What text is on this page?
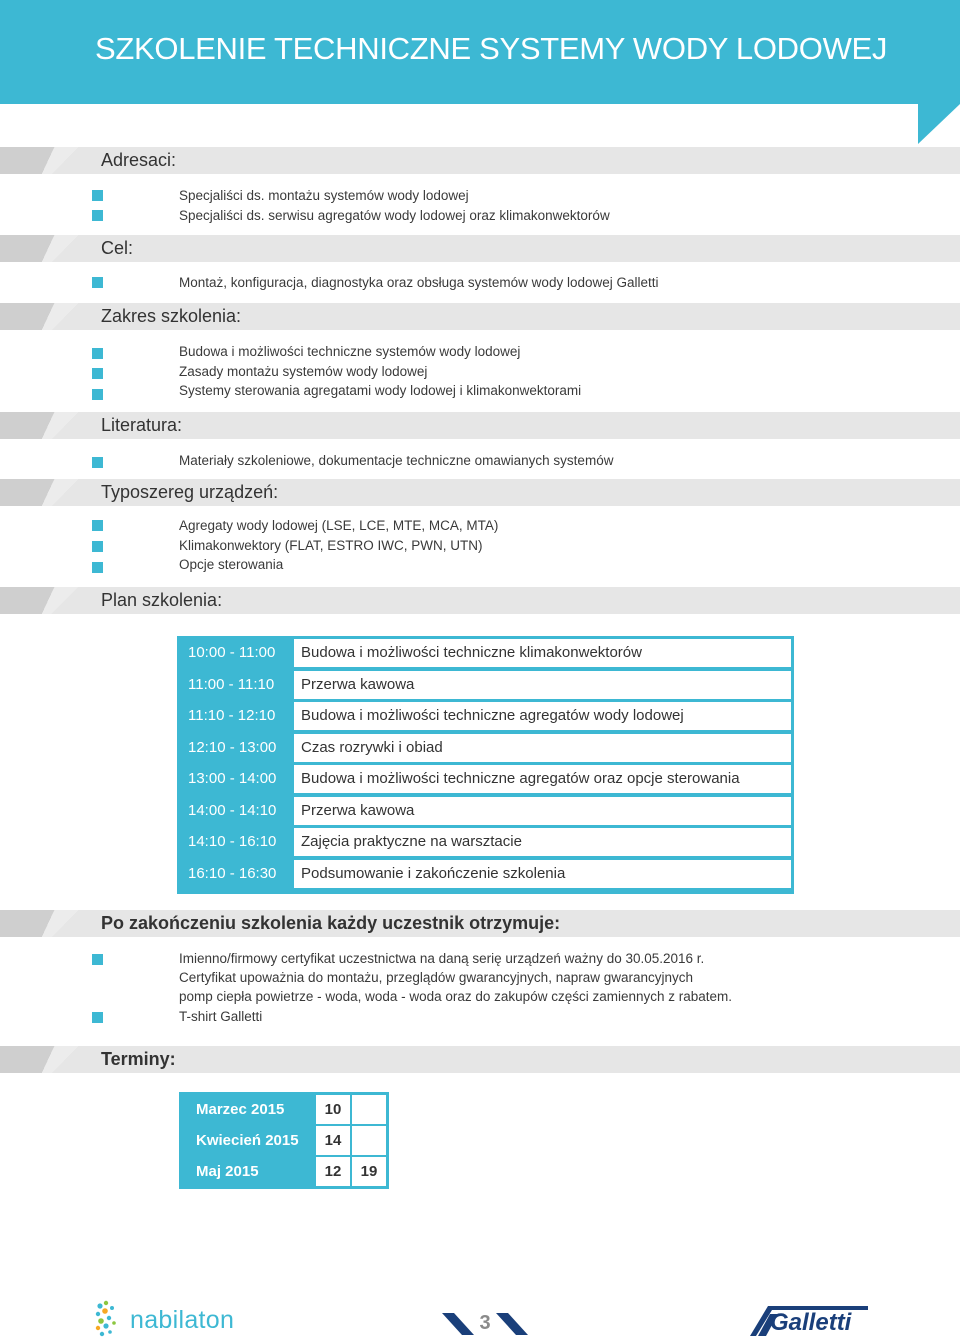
SZKOLENIE TECHNICZNE SYSTEMY WODY LODOWEJ
Adresaci:
Specjaliści ds. montażu systemów wody lodowej
Specjaliści ds. serwisu agregatów wody lodowej oraz klimakonwektorów
Cel:
Montaż, konfiguracja, diagnostyka oraz obsługa systemów wody lodowej Galletti
Zakres szkolenia:
Budowa i możliwości techniczne systemów wody lodowej
Zasady montażu systemów wody lodowej
Systemy sterowania agregatami wody lodowej i klimakonwektorami
Literatura:
Materiały szkoleniowe, dokumentacje techniczne omawianych systemów
Typoszereg urządzeń:
Agregaty wody lodowej (LSE, LCE, MTE, MCA, MTA)
Klimakonwektory (FLAT, ESTRO IWC, PWN, UTN)
Opcje sterowania
Plan szkolenia:
10:00 - 11:00	Budowa i możliwości techniczne klimakonwektorów
11:00 - 11:10	Przerwa kawowa
11:10 - 12:10	Budowa i możliwości techniczne agregatów wody lodowej
12:10 - 13:00	Czas rozrywki i obiad
13:00 - 14:00	Budowa i możliwości techniczne agregatów oraz opcje sterowania
14:00 - 14:10	Przerwa kawowa
14:10 - 16:10	Zajęcia praktyczne na warsztacie
16:10 - 16:30	Podsumowanie i zakończenie szkolenia
Po zakończeniu szkolenia każdy uczestnik otrzymuje:
Imienno/firmowy certyfikat uczestnictwa na daną serię urządzeń ważny do 30.05.2016 r.
Certyfikat upoważnia do montażu, przeglądów gwarancyjnych, napraw gwarancyjnych
pomp ciepła powietrze - woda, woda - woda oraz do zakupów części zamiennych z rabatem.
T-shirt Galletti
Terminy:
Marzec 2015	10
Kwiecień 2015	14
Maj 2015	12	19
nabilaton	3	Galletti
